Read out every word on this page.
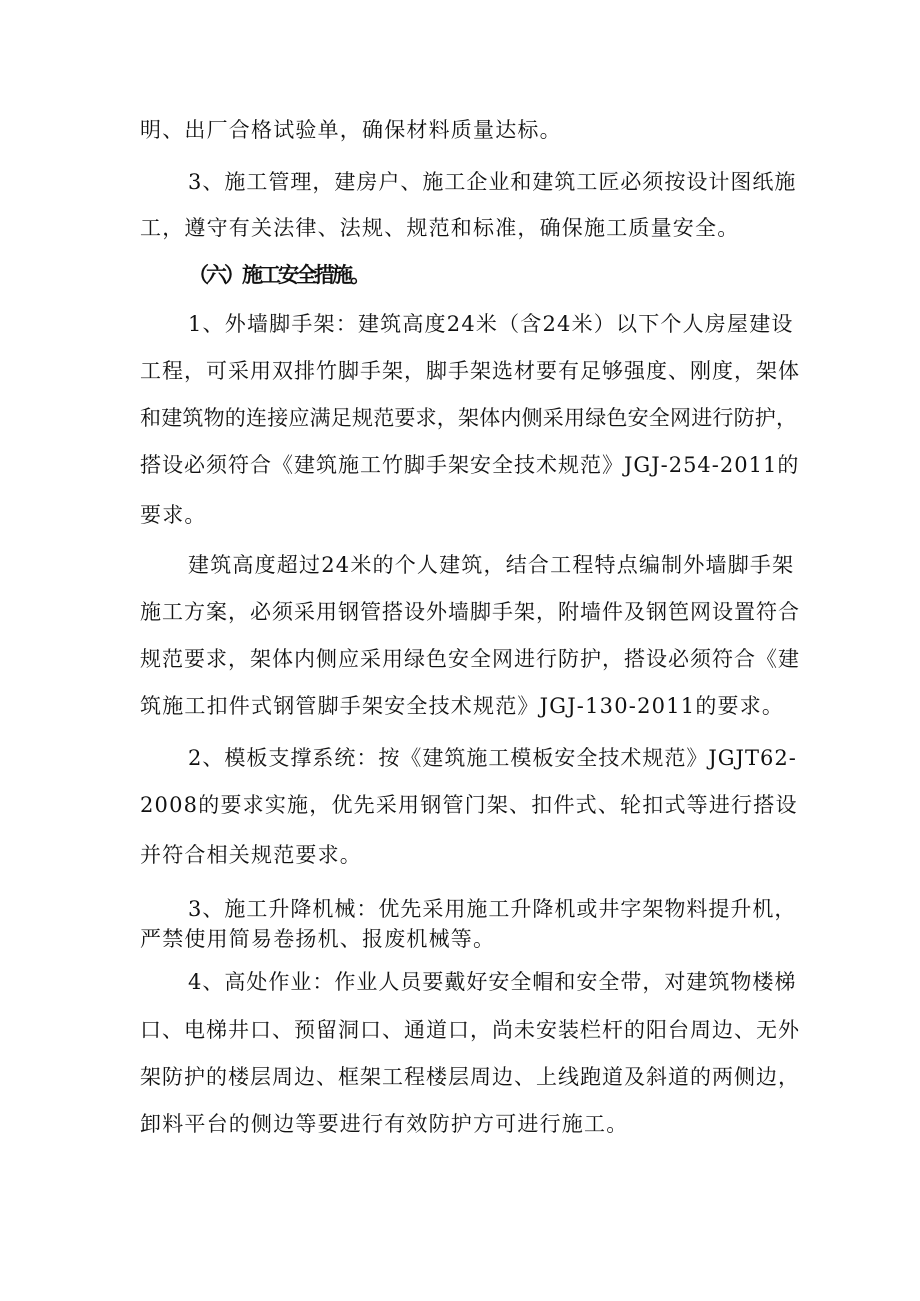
明、出厂合格试验单，确保材料质量达标。
3、施工管理，建房户、施工企业和建筑工匠必须按设计图纸施
工，遵守有关法律、法规、规范和标准，确保施工质量安全。
（六）施工安全措施。
1、外墙脚手架：建筑高度24米（含24米）以下个人房屋建设
工程，可采用双排竹脚手架，脚手架选材要有足够强度、刚度，架体
和建筑物的连接应满足规范要求，架体内侧采用绿色安全网进行防护，
搭设必须符合《建筑施工竹脚手架安全技术规范》JGJ-254-2011的
要求。
建筑高度超过24米的个人建筑，结合工程特点编制外墙脚手架
施工方案，必须采用钢管搭设外墙脚手架，附墙件及钢笆网设置符合
规范要求，架体内侧应采用绿色安全网进行防护，搭设必须符合《建
筑施工扣件式钢管脚手架安全技术规范》JGJ-130-2011的要求。
2、模板支撑系统：按《建筑施工模板安全技术规范》JGJT62-
2008的要求实施，优先采用钢管门架、扣件式、轮扣式等进行搭设
并符合相关规范要求。
3、施工升降机械：优先采用施工升降机或井字架物料提升机，
严禁使用简易卷扬机、报废机械等。
4、高处作业：作业人员要戴好安全帽和安全带，对建筑物楼梯
口、电梯井口、预留洞口、通道口，尚未安装栏杆的阳台周边、无外
架防护的楼层周边、框架工程楼层周边、上线跑道及斜道的两侧边，
卸料平台的侧边等要进行有效防护方可进行施工。
